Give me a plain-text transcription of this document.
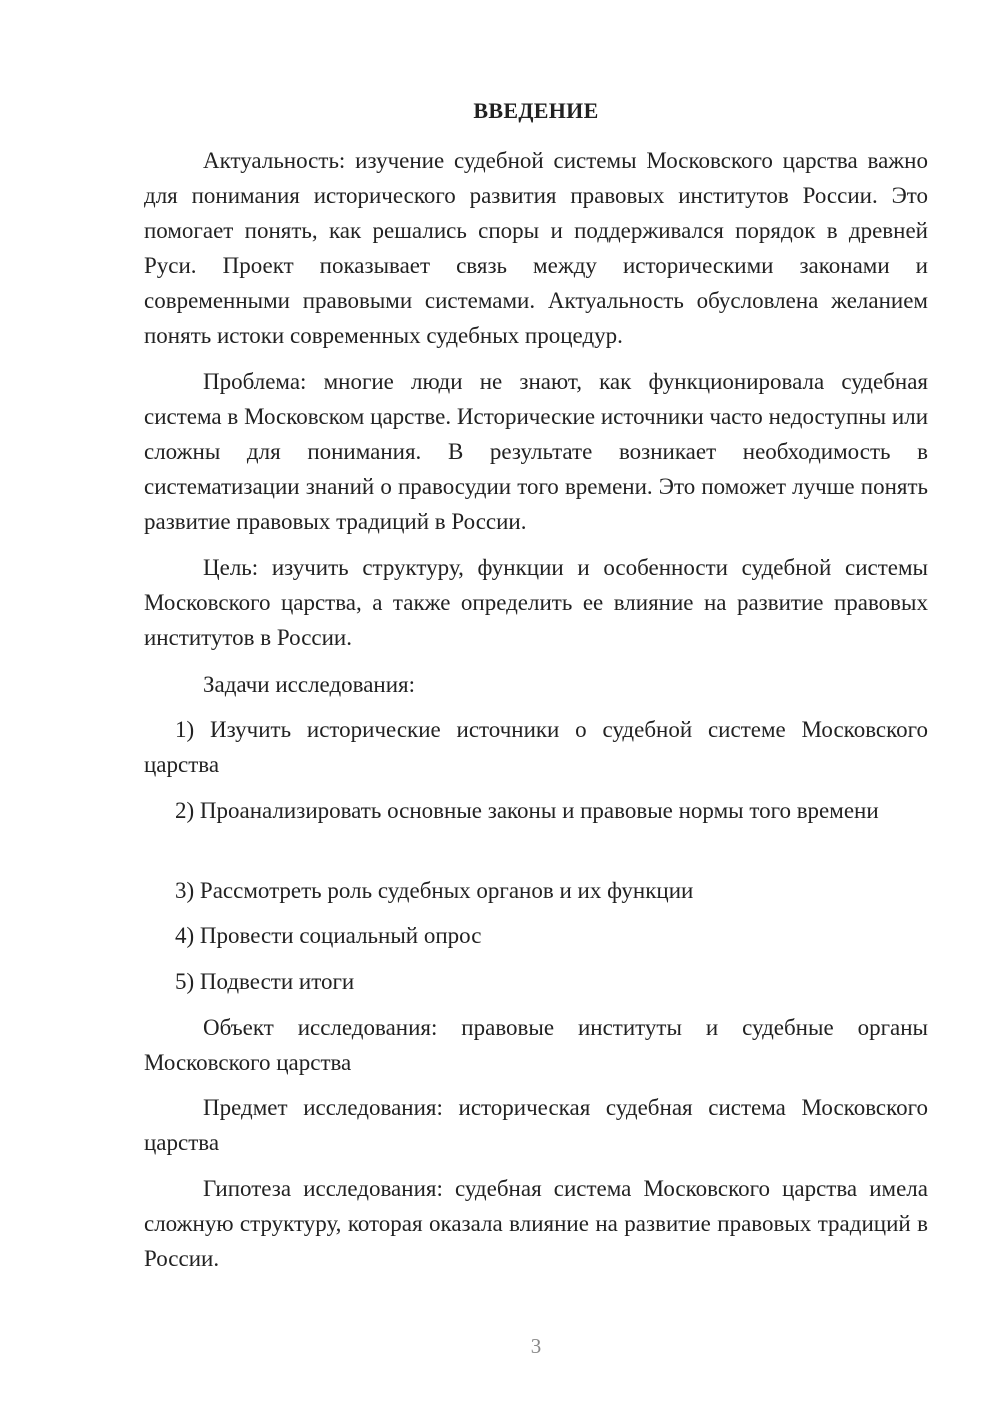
ВВЕДЕНИЕ

Актуальность: изучение судебной системы Московского царства важно для понимания исторического развития правовых институтов России. Это помогает понять, как решались споры и поддерживался порядок в древней Руси. Проект показывает связь между историческими законами и современными правовыми системами. Актуальность обусловлена желанием понять истоки современных судебных процедур.

Проблема: многие люди не знают, как функционировала судебная система в Московском царстве. Исторические источники часто недоступны или сложны для понимания. В результате возникает необходимость в систематизации знаний о правосудии того времени. Это поможет лучше понять развитие правовых традиций в России.

Цель: изучить структуру, функции и особенности судебной системы Московского царства, а также определить ее влияние на развитие правовых институтов в России.

Задачи исследования:

1) Изучить исторические источники о судебной системе Московского царства

2) Проанализировать основные законы и правовые нормы того времени

3) Рассмотреть роль судебных органов и их функции

4) Провести социальный опрос

5) Подвести итоги

Объект исследования: правовые институты и судебные органы Московского царства

Предмет исследования: историческая судебная система Московского царства

Гипотеза исследования: судебная система Московского царства имела сложную структуру, которая оказала влияние на развитие правовых традиций в России.

3
